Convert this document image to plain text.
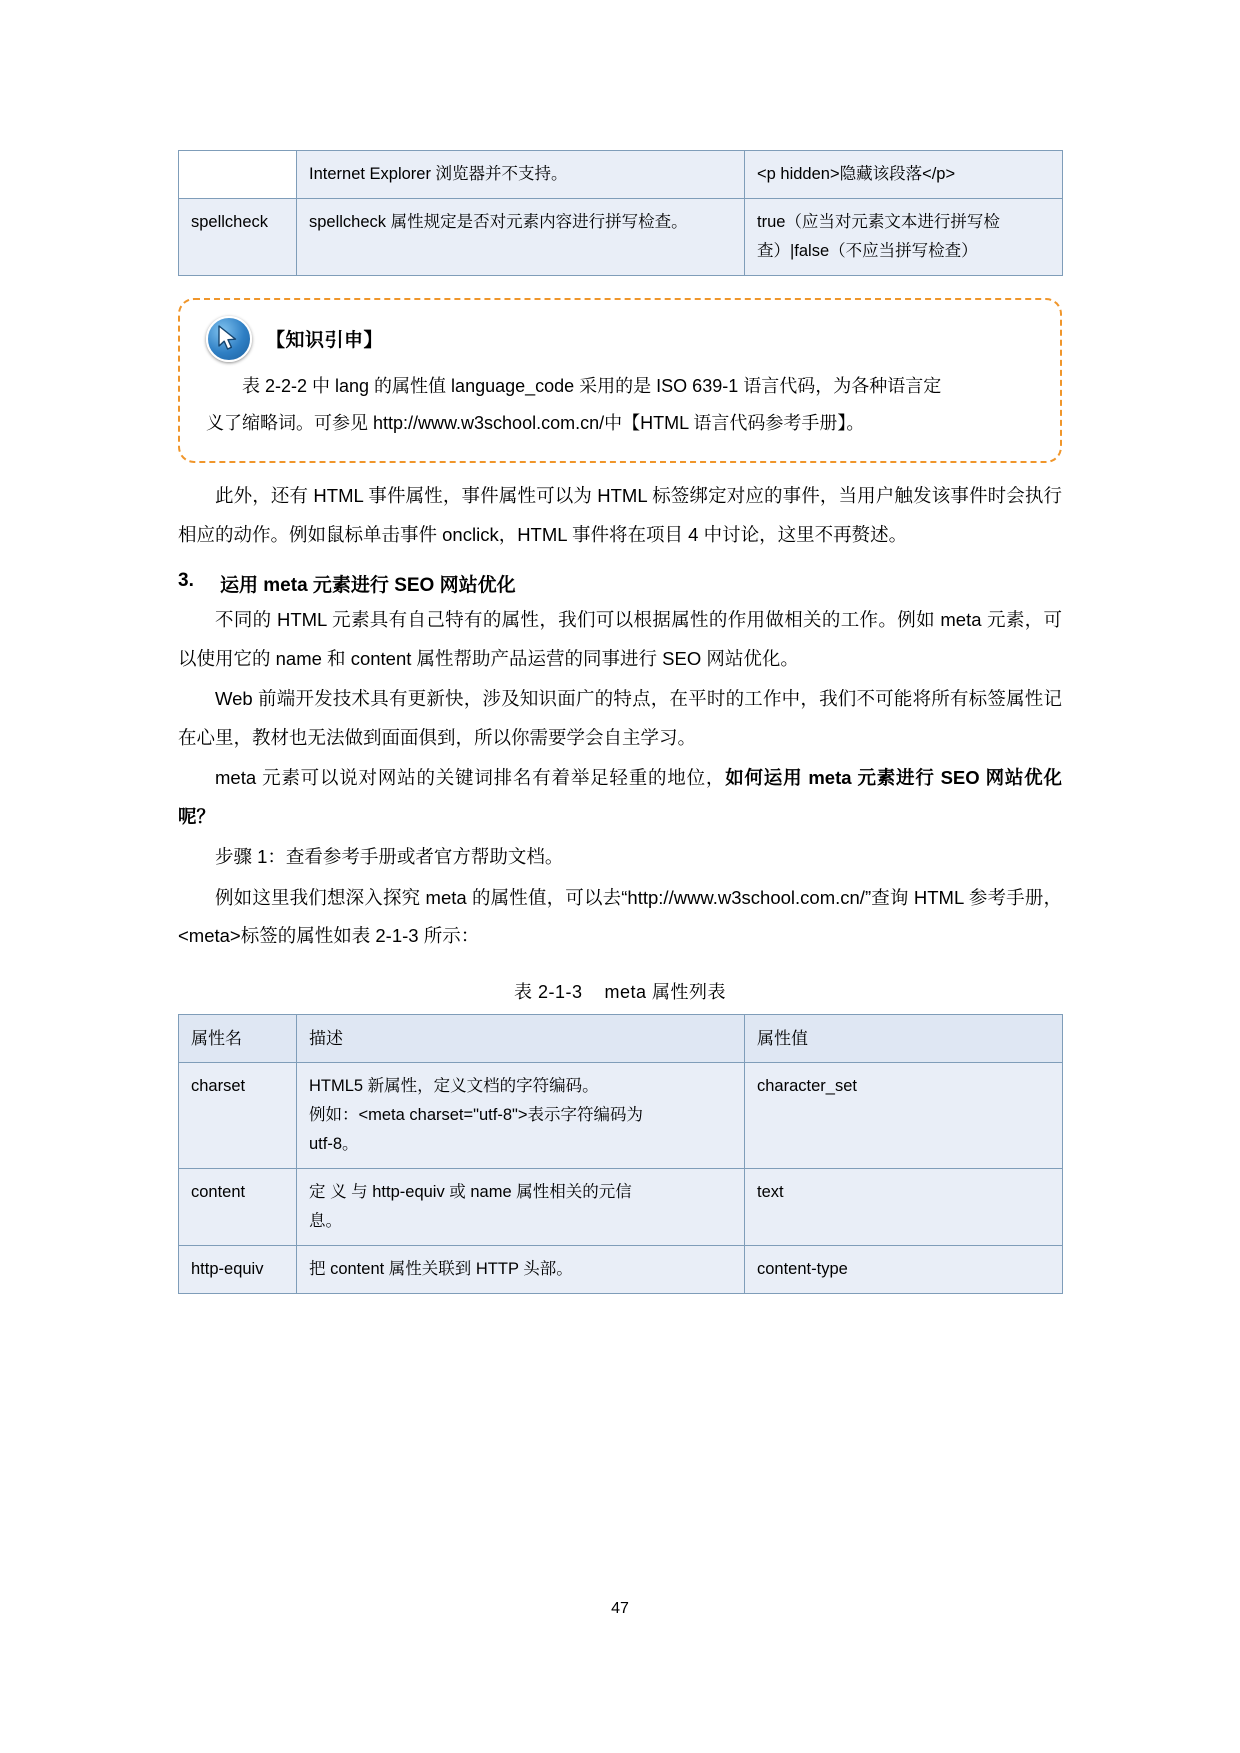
	Internet Explorer 浏览器并不支持。	<p hidden>隐藏该段落</p>
spellcheck	spellcheck 属性规定是否对元素内容进行拼写检查。	true（应当对元素文本进行拼写检查）|false（不应当拼写检查）
【知识引申】
表 2-2-2 中 lang 的属性值 language_code 采用的是 ISO 639-1 语言代码，为各种语言定
义了缩略词。可参见 http://www.w3school.com.cn/中【HTML 语言代码参考手册】。

此外，还有 HTML 事件属性，事件属性可以为 HTML 标签绑定对应的事件，当用户触发该事件时会执行相应的动作。例如鼠标单击事件 onclick，HTML 事件将在项目 4 中讨论，这里不再赘述。

3. 运用 meta 元素进行 SEO 网站优化

不同的 HTML 元素具有自己特有的属性，我们可以根据属性的作用做相关的工作。例如 meta 元素，可以使用它的 name 和 content 属性帮助产品运营的同事进行 SEO 网站优化。

Web 前端开发技术具有更新快，涉及知识面广的特点，在平时的工作中，我们不可能将所有标签属性记在心里，教材也无法做到面面俱到，所以你需要学会自主学习。

meta 元素可以说对网站的关键词排名有着举足轻重的地位，如何运用 meta 元素进行 SEO 网站优化呢？

步骤 1：查看参考手册或者官方帮助文档。

例如这里我们想深入探究 meta 的属性值，可以去“http://www.w3school.com.cn/”查询 HTML 参考手册，<meta>标签的属性如表 2-1-3 所示：

表 2-1-3 meta 属性列表
属性名	描述	属性值
charset	HTML5 新属性，定义文档的字符编码。
例如：<meta charset="utf-8">表示字符编码为
utf-8。	character_set
content	定 义 与 http-equiv 或 name 属性相关的元信
息。	text
http-equiv	把 content 属性关联到 HTTP 头部。	content-type
47
